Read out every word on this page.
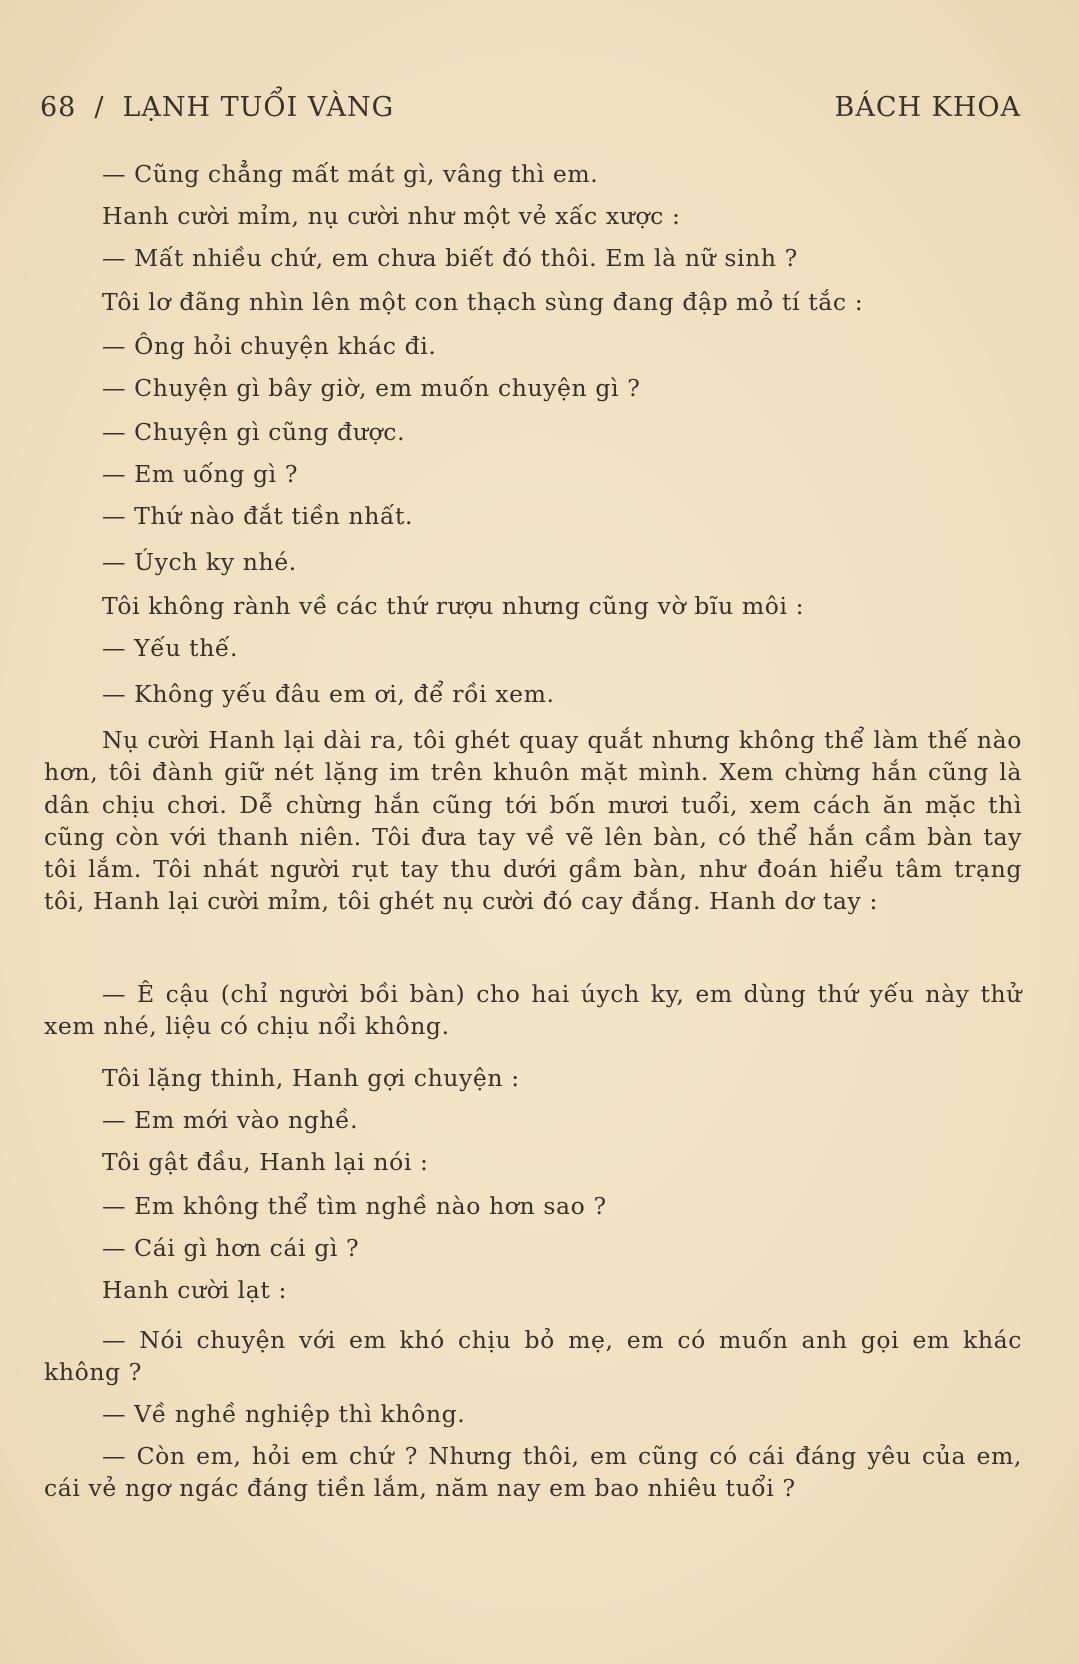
68 / LẠNH TUỔI VÀNG	BÁCH KHOA
— Cũng chẳng mất mát gì, vâng thì em.
Hanh cười mỉm, nụ cười như một vẻ xấc xược :
— Mất nhiều chứ, em chưa biết đó thôi. Em là nữ sinh ?
Tôi lơ đãng nhìn lên một con thạch sùng đang đập mỏ tí tắc :
— Ông hỏi chuyện khác đi.
— Chuyện gì bây giờ, em muốn chuyện gì ?
— Chuyện gì cũng được.
— Em uống gì ?
— Thứ nào đắt tiền nhất.
— Úych ky nhé.
Tôi không rành về các thứ rượu nhưng cũng vờ bĩu môi :
— Yếu thế.
— Không yếu đâu em ơi, để rồi xem.
Nụ cười Hanh lại dài ra, tôi ghét quay quắt nhưng không thể làm thế nào hơn, tôi đành giữ nét lặng im trên khuôn mặt mình. Xem chừng hắn cũng là dân chịu chơi. Dễ chừng hắn cũng tới bốn mươi tuổi, xem cách ăn mặc thì cũng còn với thanh niên. Tôi đưa tay về vẽ lên bàn, có thể hắn cầm bàn tay tôi lắm. Tôi nhát người rụt tay thu dưới gầm bàn, như đoán hiểu tâm trạng tôi, Hanh lại cười mỉm, tôi ghét nụ cười đó cay đắng. Hanh dơ tay :
— Ê cậu (chỉ người bồi bàn) cho hai úych ky, em dùng thứ yếu này thử xem nhé, liệu có chịu nổi không.
Tôi lặng thinh, Hanh gợi chuyện :
— Em mới vào nghề.
Tôi gật đầu, Hanh lại nói :
— Em không thể tìm nghề nào hơn sao ?
— Cái gì hơn cái gì ?
Hanh cười lạt :
— Nói chuyện với em khó chịu bỏ mẹ, em có muốn anh gọi em khác không ?
— Về nghề nghiệp thì không.
— Còn em, hỏi em chứ ? Nhưng thôi, em cũng có cái đáng yêu của em, cái vẻ ngơ ngác đáng tiền lắm, năm nay em bao nhiêu tuổi ?
